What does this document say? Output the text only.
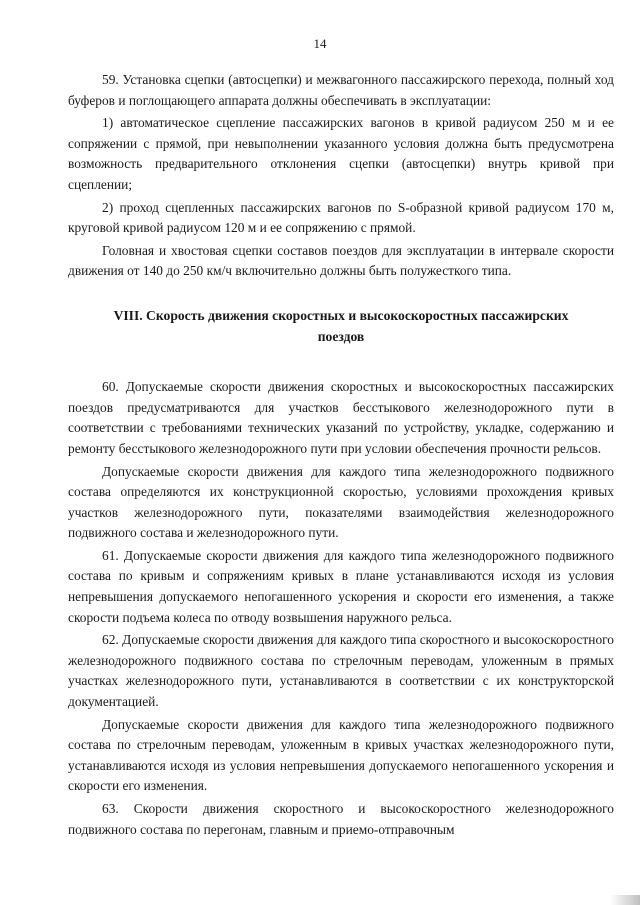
14

59. Установка сцепки (автосцепки) и межвагонного пассажирского перехода, полный ход буферов и поглощающего аппарата должны обеспечивать в эксплуатации:

1) автоматическое сцепление пассажирских вагонов в кривой радиусом 250 м и ее сопряжении с прямой, при невыполнении указанного условия должна быть предусмотрена возможность предварительного отклонения сцепки (автосцепки) внутрь кривой при сцеплении;

2) проход сцепленных пассажирских вагонов по S-образной кривой радиусом 170 м, круговой кривой радиусом 120 м и ее сопряжению с прямой.

Головная и хвостовая сцепки составов поездов для эксплуатации в интервале скорости движения от 140 до 250 км/ч включительно должны быть полужесткого типа.

VIII. Скорость движения скоростных и высокоскоростных пассажирских поездов

60. Допускаемые скорости движения скоростных и высокоскоростных пассажирских поездов предусматриваются для участков бесстыкового железнодорожного пути в соответствии с требованиями технических указаний по устройству, укладке, содержанию и ремонту бесстыкового железнодорожного пути при условии обеспечения прочности рельсов.

Допускаемые скорости движения для каждого типа железнодорожного подвижного состава определяются их конструкционной скоростью, условиями прохождения кривых участков железнодорожного пути, показателями взаимодействия железнодорожного подвижного состава и железнодорожного пути.

61. Допускаемые скорости движения для каждого типа железнодорожного подвижного состава по кривым и сопряжениям кривых в плане устанавливаются исходя из условия непревышения допускаемого непогашенного ускорения и скорости его изменения, а также скорости подъема колеса по отводу возвышения наружного рельса.

62. Допускаемые скорости движения для каждого типа скоростного и высокоскоростного железнодорожного подвижного состава по стрелочным переводам, уложенным в прямых участках железнодорожного пути, устанавливаются в соответствии с их конструкторской документацией.

Допускаемые скорости движения для каждого типа железнодорожного подвижного состава по стрелочным переводам, уложенным в кривых участках железнодорожного пути, устанавливаются исходя из условия непревышения допускаемого непогашенного ускорения и скорости его изменения.

63. Скорости движения скоростного и высокоскоростного железнодорожного подвижного состава по перегонам, главным и приемо-отправочным
